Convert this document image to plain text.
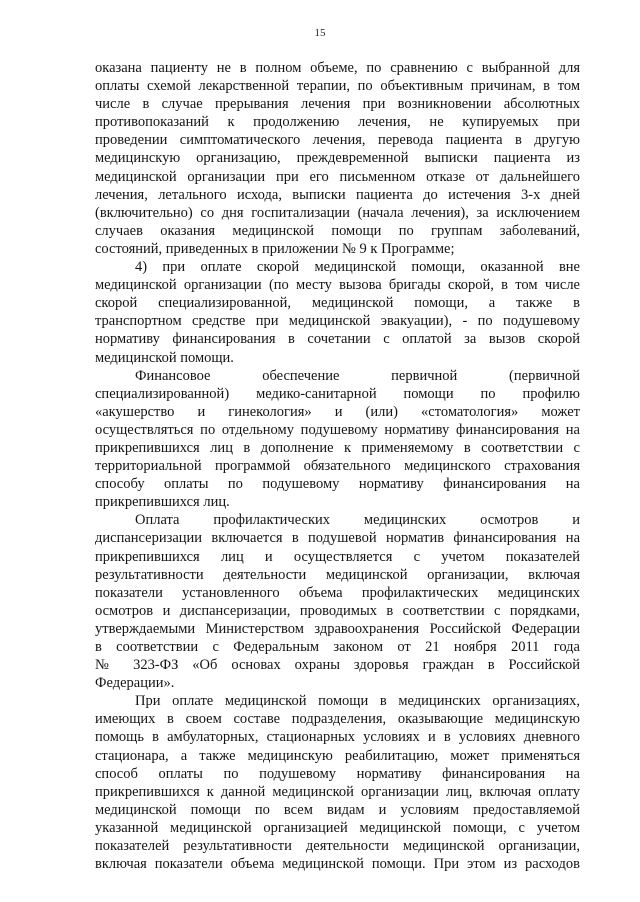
15
оказана пациенту не в полном объеме, по сравнению с выбранной для
оплаты схемой лекарственной терапии, по объективным причинам, в том
числе в случае прерывания лечения при возникновении абсолютных
противопоказаний к продолжению лечения, не купируемых при
проведении симптоматического лечения, перевода пациента в другую
медицинскую организацию, преждевременной выписки пациента из
медицинской организации при его письменном отказе от дальнейшего
лечения, летального исхода, выписки пациента до истечения 3-х дней
(включительно) со дня госпитализации (начала лечения), за исключением
случаев оказания медицинской помощи по группам заболеваний,
состояний, приведенных в приложении № 9 к Программе;
4) при оплате скорой медицинской помощи, оказанной вне
медицинской организации (по месту вызова бригады скорой, в том числе
скорой специализированной, медицинской помощи, а также в
транспортном средстве при медицинской эвакуации), - по подушевому
нормативу финансирования в сочетании с оплатой за вызов скорой
медицинской помощи.
Финансовое обеспечение первичной (первичной
специализированной) медико-санитарной помощи по профилю
«акушерство и гинекология» и (или) «стоматология» может
осуществляться по отдельному подушевому нормативу финансирования на
прикрепившихся лиц в дополнение к применяемому в соответствии с
территориальной программой обязательного медицинского страхования
способу оплаты по подушевому нормативу финансирования на
прикрепившихся лиц.
Оплата профилактических медицинских осмотров и
диспансеризации включается в подушевой норматив финансирования на
прикрепившихся лиц и осуществляется с учетом показателей
результативности деятельности медицинской организации, включая
показатели установленного объема профилактических медицинских
осмотров и диспансеризации, проводимых в соответствии с порядками,
утверждаемыми Министерством здравоохранения Российской Федерации
в соответствии с Федеральным законом от 21 ноября 2011 года
№ 323-ФЗ «Об основах охраны здоровья граждан в Российской
Федерации».
При оплате медицинской помощи в медицинских организациях,
имеющих в своем составе подразделения, оказывающие медицинскую
помощь в амбулаторных, стационарных условиях и в условиях дневного
стационара, а также медицинскую реабилитацию, может применяться
способ оплаты по подушевому нормативу финансирования на
прикрепившихся к данной медицинской организации лиц, включая оплату
медицинской помощи по всем видам и условиям предоставляемой
указанной медицинской организацией медицинской помощи, с учетом
показателей результативности деятельности медицинской организации,
включая показатели объема медицинской помощи. При этом из расходов
